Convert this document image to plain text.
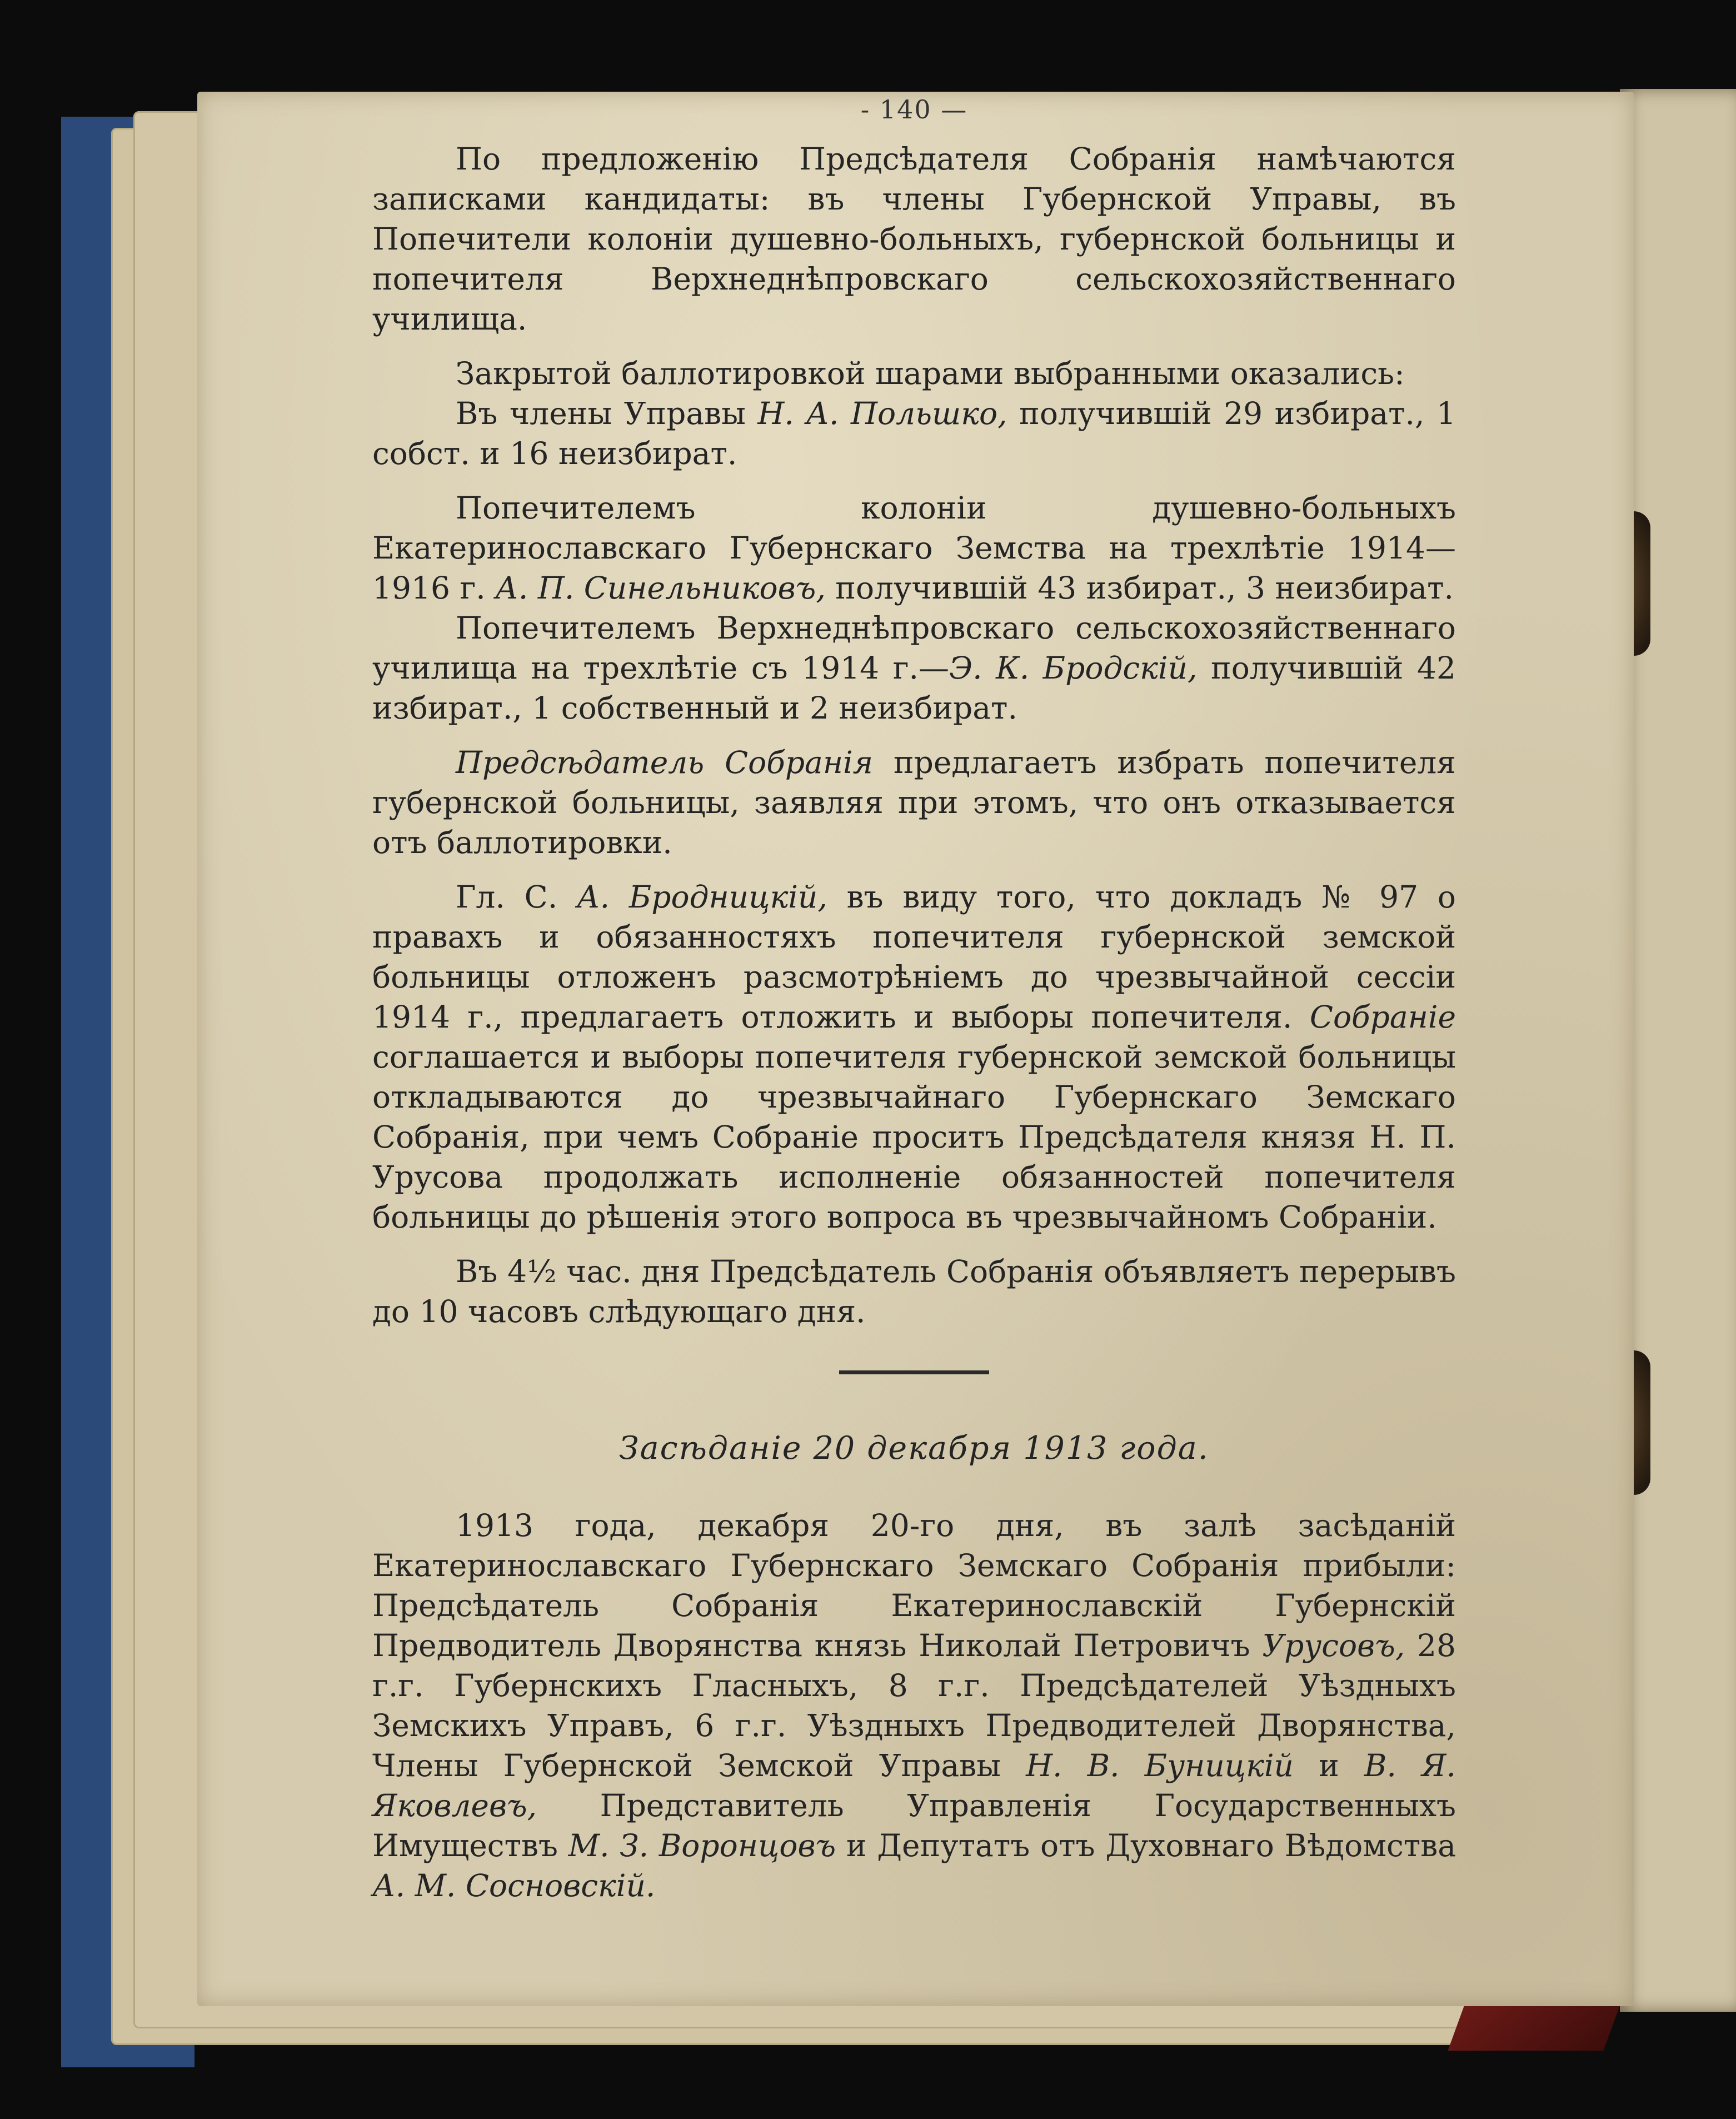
- 140 —

По предложенію Предсѣдателя Собранія намѣчаются записками кандидаты: въ члены Губернской Управы, въ Попечители колоніи душевно-больныхъ, губернской больницы и попечителя Верхнеднѣпровскаго сельскохозяйственнаго училища.

Закрытой баллотировкой шарами выбранными оказались:

Въ члены Управы Н. А. Польшко, получившій 29 избират., 1 собст. и 16 неизбират.

Попечителемъ колоніи душевно-больныхъ Екатеринославскаго Губернскаго Земства на трехлѣтіе 1914—1916 г. А. П. Синельниковъ, получившій 43 избират., 3 неизбират.

Попечителемъ Верхнеднѣпровскаго сельскохозяйственнаго училища на трехлѣтіе съ 1914 г.—Э. К. Бродскій, получившій 42 избират., 1 собственный и 2 неизбират.

Предсѣдатель Собранія предлагаетъ избрать попечителя губернской больницы, заявляя при этомъ, что онъ отказывается отъ баллотировки.

Гл. С. А. Бродницкій, въ виду того, что докладъ № 97 о правахъ и обязанностяхъ попечителя губернской земской больницы отложенъ разсмотрѣніемъ до чрезвычайной сессіи 1914 г., предлагаетъ отложить и выборы попечителя. Собраніе соглашается и выборы попечителя губернской земской больницы откладываются до чрезвычайнаго Губернскаго Земскаго Собранія, при чемъ Собраніе проситъ Предсѣдателя князя Н. П. Урусова продолжать исполненіе обязанностей попечителя больницы до рѣшенія этого вопроса въ чрезвычайномъ Собраніи.

Въ 4½ час. дня Предсѣдатель Собранія объявляетъ перерывъ до 10 часовъ слѣдующаго дня.

Засѣданіе 20 декабря 1913 года.

1913 года, декабря 20-го дня, въ залѣ засѣданій Екатеринославскаго Губернскаго Земскаго Собранія прибыли: Предсѣдатель Собранія Екатеринославскій Губернскій Предводитель Дворянства князь Николай Петровичъ Урусовъ, 28 г.г. Губернскихъ Гласныхъ, 8 г.г. Предсѣдателей Уѣздныхъ Земскихъ Управъ, 6 г.г. Уѣздныхъ Предводителей Дворянства, Члены Губернской Земской Управы Н. В. Буницкій и В. Я. Яковлевъ, Представитель Управленія Государственныхъ Имуществъ М. З. Воронцовъ и Депутатъ отъ Духовнаго Вѣдомства А. М. Сосновскій.
